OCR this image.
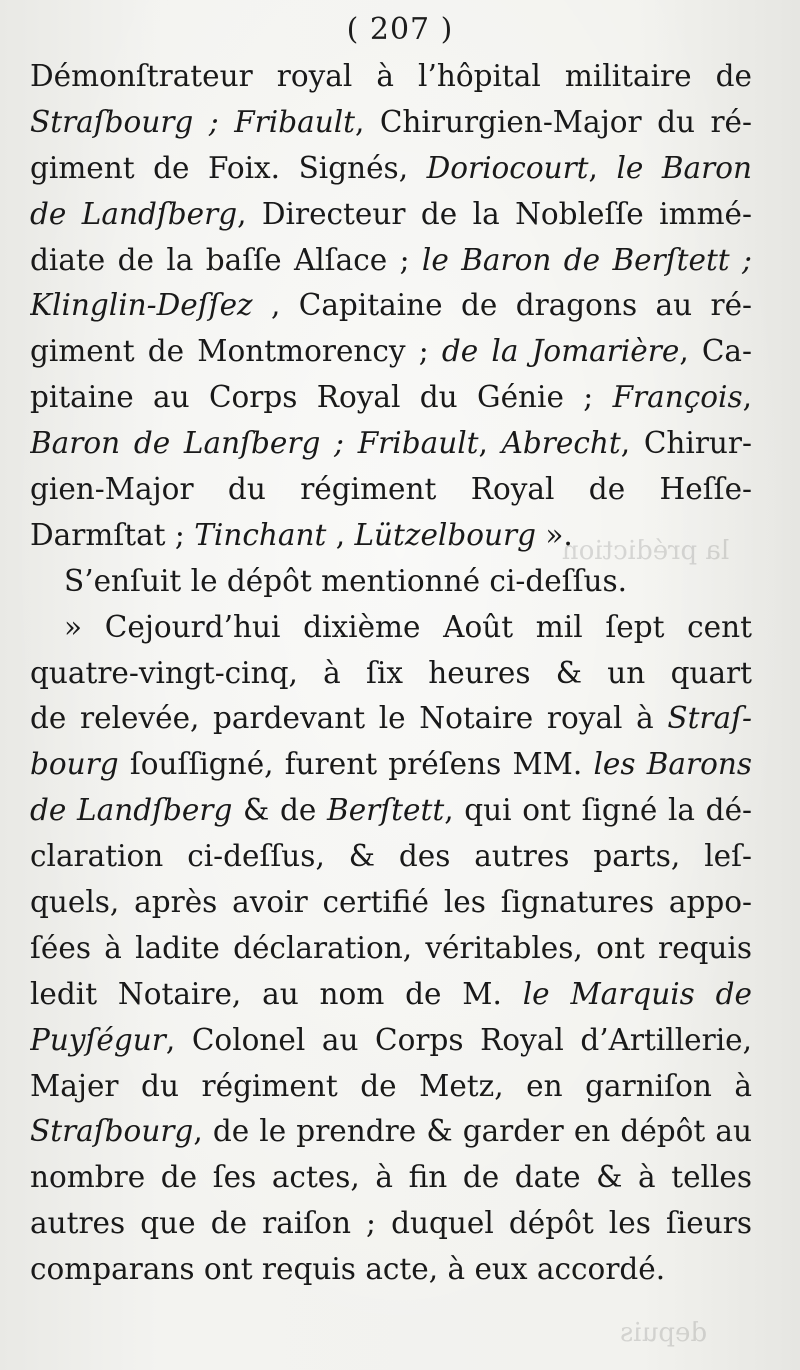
la prédiction
depuis
( 207 )
Démonſtrateur royal à l’hôpital militaire de
Straſbourg ; Fribault, Chirurgien-Major du ré-
giment de Foix. Signés, Doriocourt, le Baron
de Landſberg, Directeur de la Nobleſſe immé-
diate de la baſſe Alſace ; le Baron de Berſtett ;
Klinglin-Deſſez , Capitaine de dragons au ré-
giment de Montmorency ; de la Jomarière, Ca-
pitaine au Corps Royal du Génie ; François,
Baron de Lanſberg ; Fribault, Abrecht, Chirur-
gien-Major du régiment Royal de Heſſe-
Darmſtat ; Tinchant , Lützelbourg ».
S’enſuit le dépôt mentionné ci-deſſus.
» Cejourd’hui dixième Août mil ſept cent
quatre-vingt-cinq, à ſix heures & un quart
de relevée, pardevant le Notaire royal à Straſ-
bourg ſouſſigné, furent préſens MM. les Barons
de Landſberg & de Berſtett, qui ont ſigné la dé-
claration ci-deſſus, & des autres parts, leſ-
quels, après avoir certifié les ſignatures appo-
ſées à ladite déclaration, véritables, ont requis
ledit Notaire, au nom de M. le Marquis de
Puyſégur, Colonel au Corps Royal d’Artillerie,
Majer du régiment de Metz, en garniſon à
Straſbourg, de le prendre & garder en dépôt au
nombre de ſes actes, à fin de date & à telles
autres que de raiſon ; duquel dépôt les ſieurs
comparans ont requis acte, à eux accordé.
